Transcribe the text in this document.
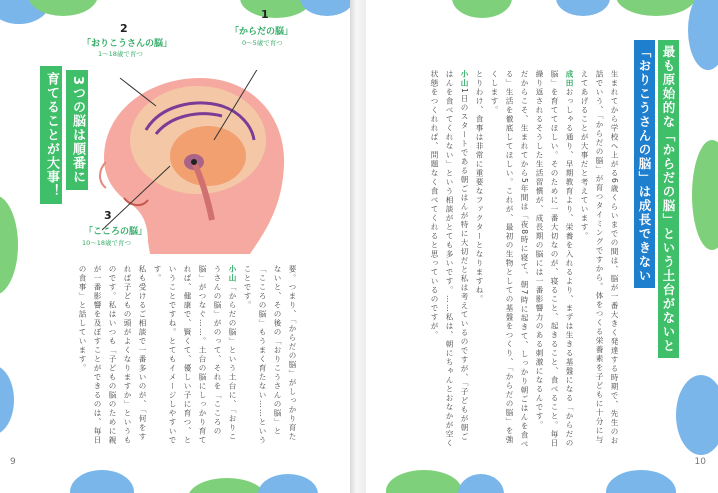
1
「からだの脳」
0〜5歳で育つ
2
「おりこうさんの脳」
1〜18歳で育つ
3
「こころの脳」
10〜18歳で育つ
3つの脳は順番に
育てることが大事！

要。つまり、「からだの脳」がしっかり育たないと、その後の「おりこうさんの脳」と「こころの脳」もうまく育たない……ということです。

小山「からだの脳」という土台に、「おりこうさんの脳」がのって、それを「こころの脳」がつなぐ……。土台の脳にしっかり育てれば、健康で、賢くて、優しい子に育つ、ということですね。とてもイメージしやすいです。

私も受けるご相談で一番多いのが、「何をすれば子どもの頭がよくなりますか」というものです。私はいつも「子どもの脳のために親が一番影響を及ぼすことができるのは、毎日の食事」と話しています。

9
最も原始的な「からだの脳」という土台がないと
「おりこうさんの脳」は成長できない

生まれてから学校へ上がる6歳くらいまでの間は、脳が一番大きく発達する時期で、先生のお話でいう、「からだの脳」が育つタイミングですから。体をつくる栄養素を子どもに十分に与えてあげることが大事だと考えています。

成田おっしゃる通り、早期教育より、栄養を入れるより、まずは生きる基盤になる「からだの脳」を育ててほしい。そのために一番大切なのが、寝ること、起きること、食べること。毎日繰り返されるそうした生活習慣が、成長期の脳には一番影響力のある刺激になるんです。

だからこそ、生まれてから5年間は「夜8時に寝て、朝7時に起きて、しっかり朝ごはんを食べる」生活を徹底してほしい。これが、最初の生物としての基盤をつくり、「からだの脳」を強くします。

とりわけ、食事は非常に重要なファクターとなりますね。

小山1日のスタートである朝ごはんが特に大切だと私は考えているのですが、「子どもが朝ごはんを食べてくれない」という相談がとても多いです。……私は、朝にちゃんとおなかが空く状態をつくれれば、問題なく食べてくれると思っているのですが。

10
